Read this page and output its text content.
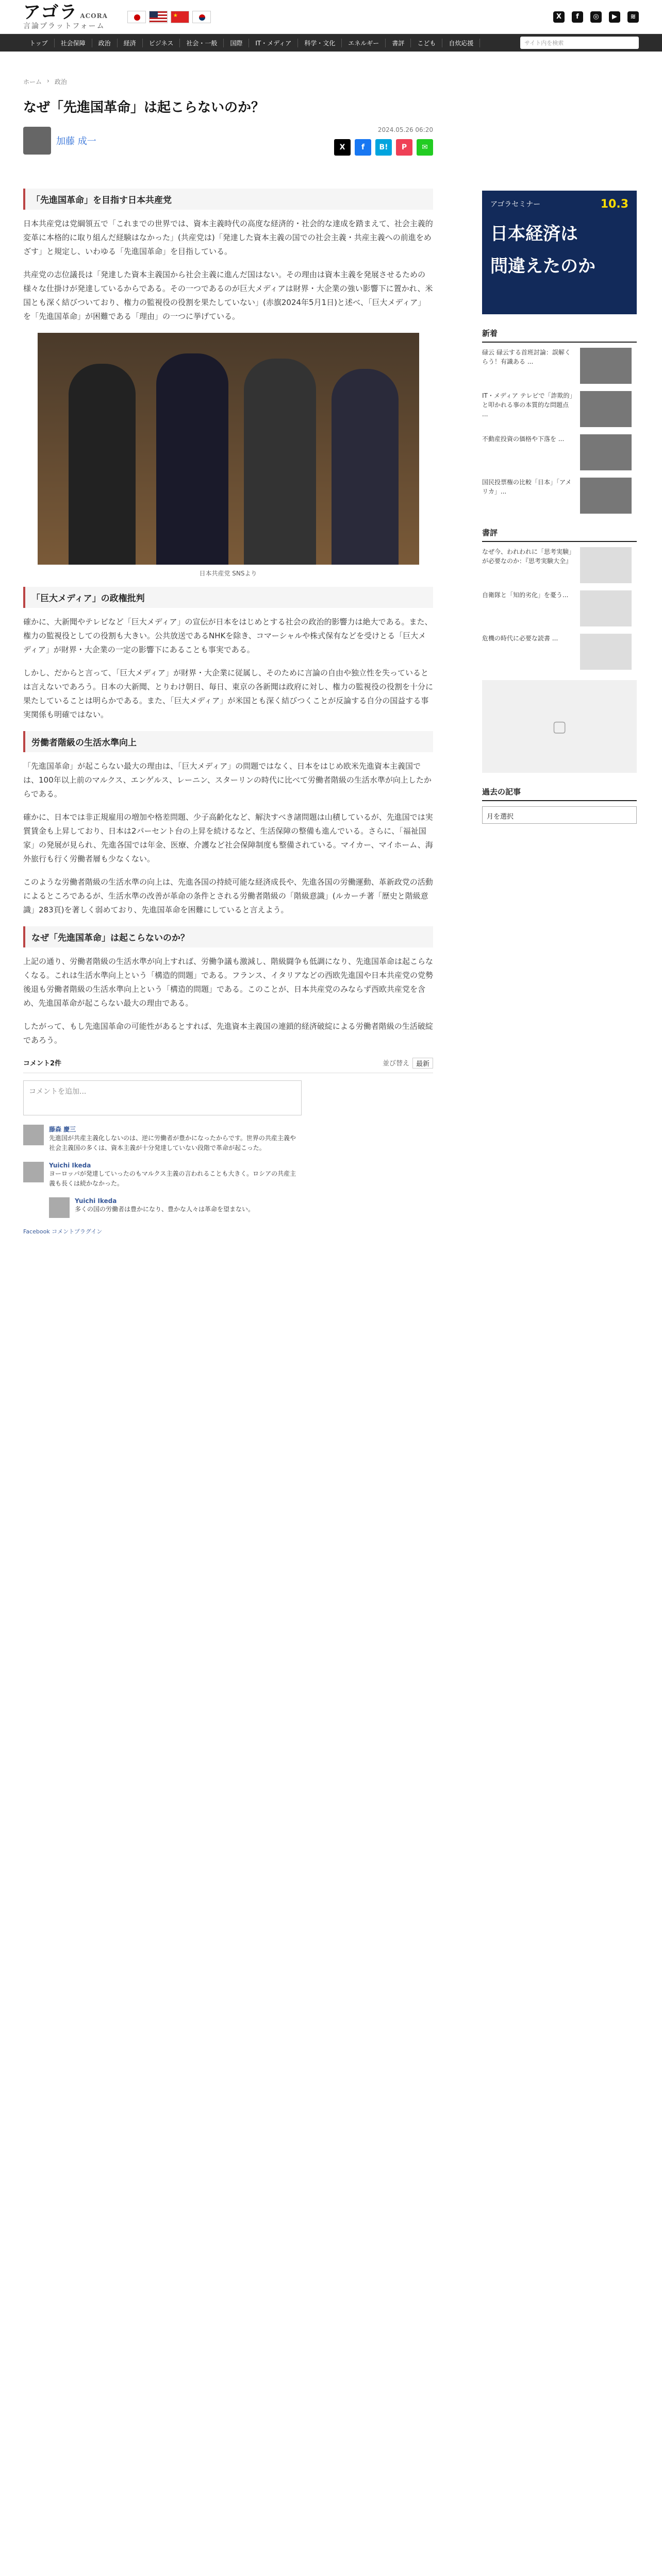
アゴラ ACORA
言論プラットフォーム
★	X	f	◎	▶	≋
トップ	社会保障	政治	経済	ビジネス	社会・一般	国際	IT・メディア	科学・文化	エネルギー	書評	こども	自炊応援	サイト内を検索
ホーム › 政治
なぜ「先進国革命」は起こらないのか？
加藤 成一
2024.05.26 06:20
X	f	B!	P	✉
「先進国革命」を目指す日本共産党

日本共産党は党綱領五で「これまでの世界では、資本主義時代の高度な経済的・社会的な達成を踏まえて、社会主義的変革に本格的に取り組んだ経験はなかった」(共産党は)「発達した資本主義の国での社会主義・共産主義への前進をめざす」と規定し、いわゆる「先進国革命」を目指している。

共産党の志位議長は「発達した資本主義国から社会主義に進んだ国はない。その理由は資本主義を発展させるための様々な仕掛けが発達しているからである。その一つであるのが巨大メディアは財界・大企業の強い影響下に置かれ、米国とも深く結びついており、権力の監視役の役割を果たしていない」(赤旗2024年5月1日)と述べ、「巨大メディア」を「先進国革命」が困難である「理由」の一つに挙げている。

日本共産党 SNSより

「巨大メディア」の政権批判

確かに、大新聞やテレビなど「巨大メディア」の宣伝が日本をはじめとする社会の政治的影響力は絶大である。また、権力の監視役としての役割も大きい。公共放送であるNHKを除き、コマーシャルや株式保有などを受けとる「巨大メディア」が財界・大企業の一定の影響下にあることも事実である。

しかし、だからと言って、「巨大メディア」が財界・大企業に従属し、そのために言論の自由や独立性を失っているとは言えないであろう。日本の大新聞、とりわけ朝日、毎日、東京の各新聞は政府に対し、権力の監視役の役割を十分に果たしていることは明らかである。また、「巨大メディア」が米国とも深く結びつくことが反論する自分の国益する事実関係も明確ではない。

労働者階級の生活水準向上

「先進国革命」が起こらない最大の理由は、「巨大メディア」の問題ではなく、日本をはじめ欧米先進資本主義国では、100年以上前のマルクス、エンゲルス、レーニン、スターリンの時代に比べて労働者階級の生活水準が向上したからである。

確かに、日本では非正規雇用の増加や格差問題、少子高齢化など、解決すべき諸問題は山積しているが、先進国では実質賃金も上昇しており、日本は2パーセント台の上昇を続けるなど、生活保障の整備も進んでいる。さらに、「福祉国家」の発展が見られ、先進各国では年金、医療、介護など社会保障制度も整備されている。マイカー、マイホーム、海外旅行も行く労働者層も少なくない。

このような労働者階級の生活水準の向上は、先進各国の持続可能な経済成長や、先進各国の労働運動、革新政党の活動によるところであるが、生活水準の改善が革命の条件とされる労働者階級の「階級意識」(ルカーチ著「歴史と階級意識」283頁)を著しく弱めており、先進国革命を困難にしていると言えよう。

なぜ「先進国革命」は起こらないのか？

上記の通り、労働者階級の生活水準が向上すれば、労働争議も激減し、階級闘争も低調になり、先進国革命は起こらなくなる。これは生活水準向上という「構造的問題」である。フランス、イタリアなどの西欧先進国や日本共産党の党勢後退も労働者階級の生活水準向上という「構造的問題」である。このことが、日本共産党のみならず西欧共産党を含め、先進国革命が起こらない最大の理由である。

したがって、もし先進国革命の可能性があるとすれば、先進資本主義国の連鎖的経済破綻による労働者階級の生活破綻であろう。

コメント2件	並び替え	最新
コメントを追加...
藤森 慶三
先進国が共産主義化しないのは、逆に労働者が豊かになったからです。世界の共産主義や社会主義国の多くは、資本主義が十分発達していない段階で革命が起こった。
Yuichi Ikeda
ヨーロッパが発達していったのもマルクス主義の言われることも大きく。ロシアの共産主義も長くは続かなかった。
Yuichi Ikeda
多くの国の労働者は豊かになり、豊かな人々は革命を望まない。
Facebook コメントプラグイン
アゴラセミナー	10.3
日本経済は
問違えたのか
新着
碌云 碌云する首班討論：誤解くらう！有識ある ...
IT・メディア テレビで「詐欺的」と叩かれる事の本質的な問題点 ...
不動産投資の価格や下落を ...
国民投票権の比較「日本」「アメリカ」...
書評
なぜ今、われわれに「思考実験」が必要なのか：『思考実験大全』
自衛隊と「知的劣化」を憂う...
危機の時代に必要な読書 ...
▢
過去の記事
月を選択
